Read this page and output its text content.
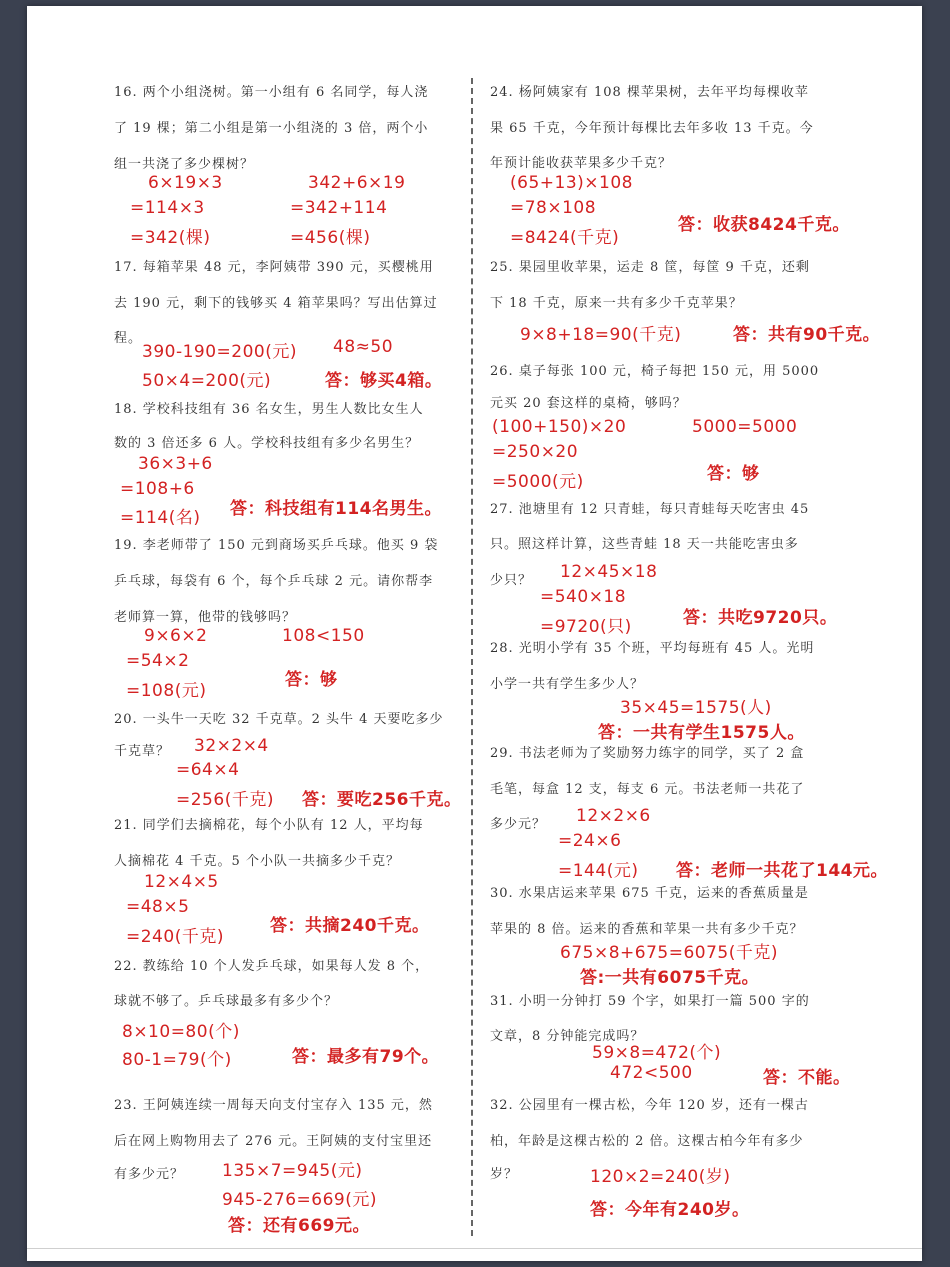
16. 两个小组浇树。第一小组有 6 名同学，每人浇
了 19 棵；第二小组是第一小组浇的 3 倍，两个小
组一共浇了多少棵树？
6×19×3
=114×3
=342(棵)
342+6×19
=342+114
=456(棵)
17. 每箱苹果 48 元，李阿姨带 390 元，买樱桃用
去 190 元，剩下的钱够买 4 箱苹果吗？写出估算过
程。
390-190=200(元) 48≈50
50×4=200(元)	答：够买4箱。
18. 学校科技组有 36 名女生，男生人数比女生人
数的 3 倍还多 6 人。学校科技组有多少名男生？
36×3+6
=108+6
=114(名) 答：科技组有114名男生。
19. 李老师带了 150 元到商场买乒乓球。他买 9 袋
乒乓球，每袋有 6 个，每个乒乓球 2 元。请你帮李
老师算一算，他带的钱够吗？
9×6×2
=54×2
=108(元)
108<150
答：够
20. 一头牛一天吃 32 千克草。2 头牛 4 天要吃多少
千克草？ 32×2×4
=64×4
=256(千克) 答：要吃256千克。
21. 同学们去摘棉花，每个小队有 12 人，平均每
人摘棉花 4 千克。5 个小队一共摘多少千克？
12×4×5
=48×5
=240(千克)
答：共摘240千克。
22. 教练给 10 个人发乒乓球，如果每人发 8 个，
球就不够了。乒乓球最多有多少个？
8×10=80(个)
80-1=79(个)	答：最多有79个。
23. 王阿姨连续一周每天向支付宝存入 135 元，然
后在网上购物用去了 276 元。王阿姨的支付宝里还
有多少元？ 135×7=945(元)
945-276=669(元)
答：还有669元。
24. 杨阿姨家有 108 棵苹果树，去年平均每棵收苹
果 65 千克，今年预计每棵比去年多收 13 千克。今
年预计能收获苹果多少千克？
(65+13)×108
=78×108
=8424(千克)
答：收获8424千克。
25. 果园里收苹果，运走 8 筐，每筐 9 千克，还剩
下 18 千克，原来一共有多少千克苹果？
9×8+18=90(千克)	答：共有90千克。
26. 桌子每张 100 元，椅子每把 150 元，用 5000
元买 20 套这样的桌椅，够吗？
(100+150)×20
=250×20
=5000(元)
5000=5000
答：够
27. 池塘里有 12 只青蛙，每只青蛙每天吃害虫 45
只。照这样计算，这些青蛙 18 天一共能吃害虫多
少只？ 12×45×18
=540×18
=9720(只)	答：共吃9720只。
28. 光明小学有 35 个班，平均每班有 45 人。光明
小学一共有学生多少人？
35×45=1575(人)
答：一共有学生1575人。
29. 书法老师为了奖励努力练字的同学，买了 2 盒
毛笔，每盒 12 支，每支 6 元。书法老师一共花了
多少元？ 12×2×6
=24×6
=144(元) 答：老师一共花了144元。
30. 水果店运来苹果 675 千克，运来的香蕉质量是
苹果的 8 倍。运来的香蕉和苹果一共有多少千克？
675×8+675=6075(千克)
答:一共有6075千克。
31. 小明一分钟打 59 个字，如果打一篇 500 字的
文章，8 分钟能完成吗？
59×8=472(个)
472<500	答：不能。
32. 公园里有一棵古松，今年 120 岁，还有一棵古
柏，年龄是这棵古松的 2 倍。这棵古柏今年有多少
岁？	120×2=240(岁)
答：今年有240岁。
